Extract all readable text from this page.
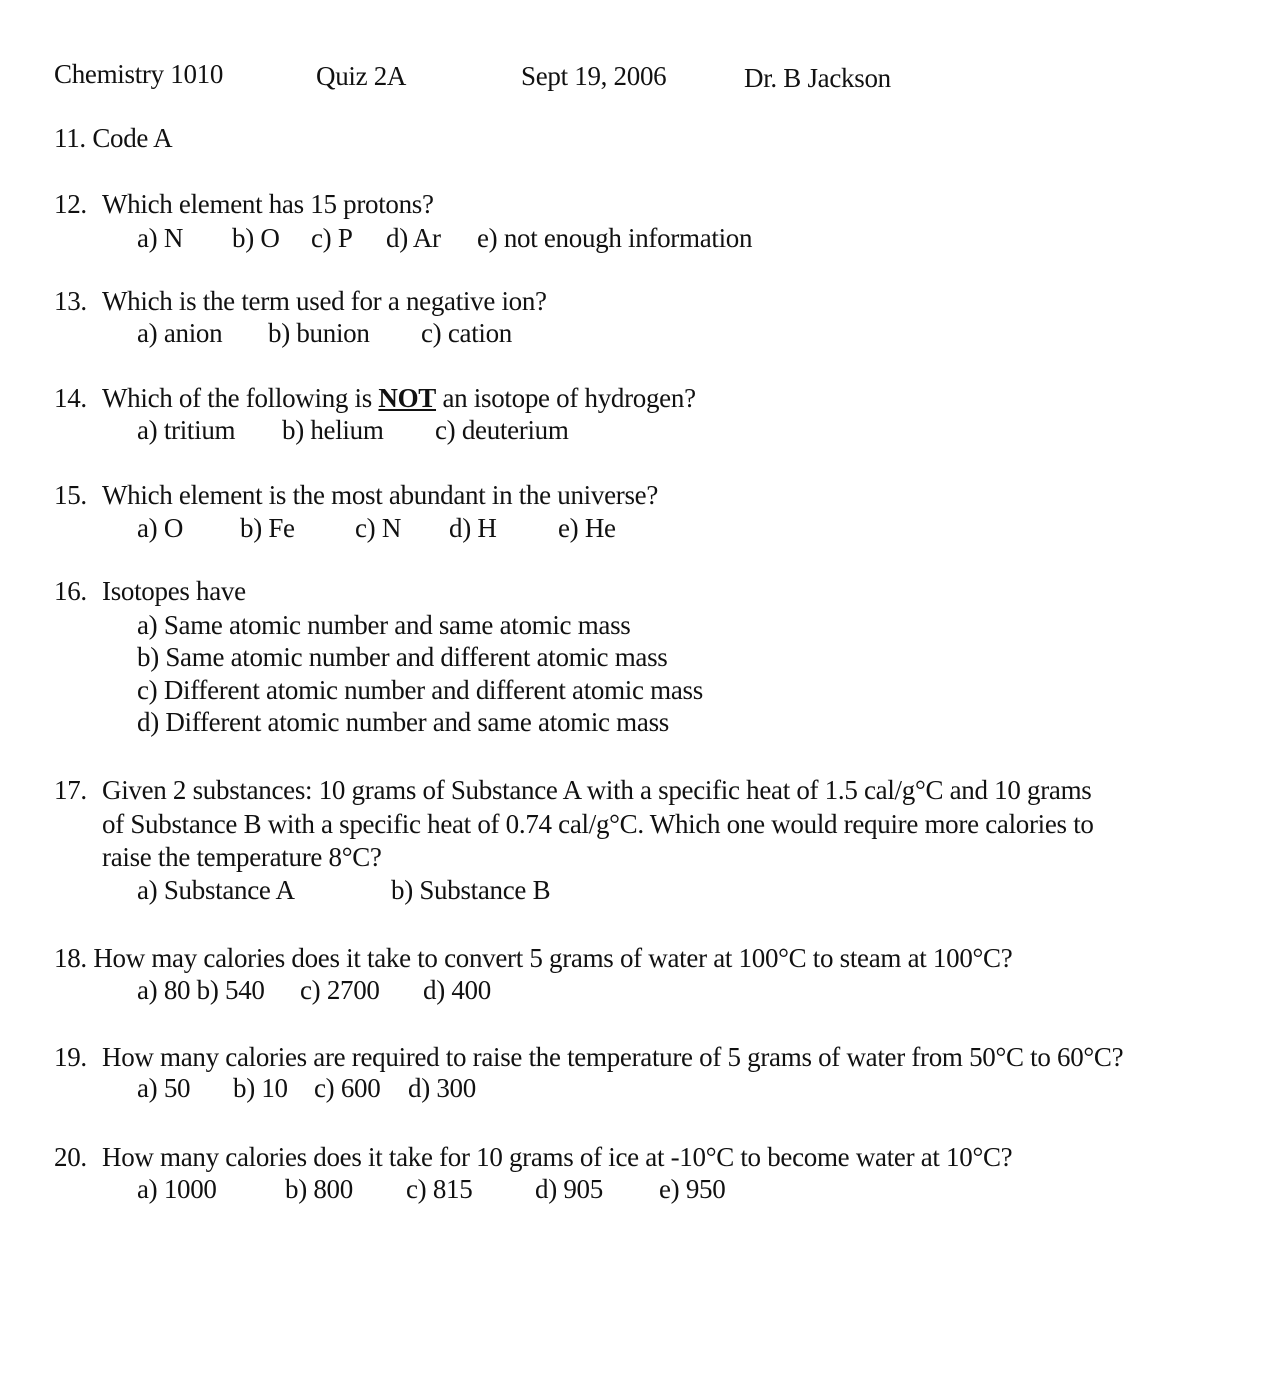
Chemistry 1010	Quiz 2A	Sept 19, 2006	Dr. B Jackson
11. Code A
12. Which element has 15 protons?
a) N b) O c) P d) Ar e) not enough information
13. Which is the term used for a negative ion?
a) anion b) bunion c) cation
14. Which of the following is NOT an isotope of hydrogen?
a) tritium b) helium c) deuterium
15. Which element is the most abundant in the universe?
a) O b) Fe c) N d) H e) He
16. Isotopes have
a) Same atomic number and same atomic mass
b) Same atomic number and different atomic mass
c) Different atomic number and different atomic mass
d) Different atomic number and same atomic mass
17. Given 2 substances: 10 grams of Substance A with a specific heat of 1.5 cal/g°C and 10 grams
of Substance B with a specific heat of 0.74 cal/g°C. Which one would require more calories to
raise the temperature 8°C?
a) Substance A	b) Substance B
18. How may calories does it take to convert 5 grams of water at 100°C to steam at 100°C?
a) 80 b) 540 c) 2700 d) 400
19. How many calories are required to raise the temperature of 5 grams of water from 50°C to 60°C?
a) 50 b) 10 c) 600 d) 300
20. How many calories does it take for 10 grams of ice at -10°C to become water at 10°C?
a) 1000	b) 800 c) 815 d) 905 e) 950
